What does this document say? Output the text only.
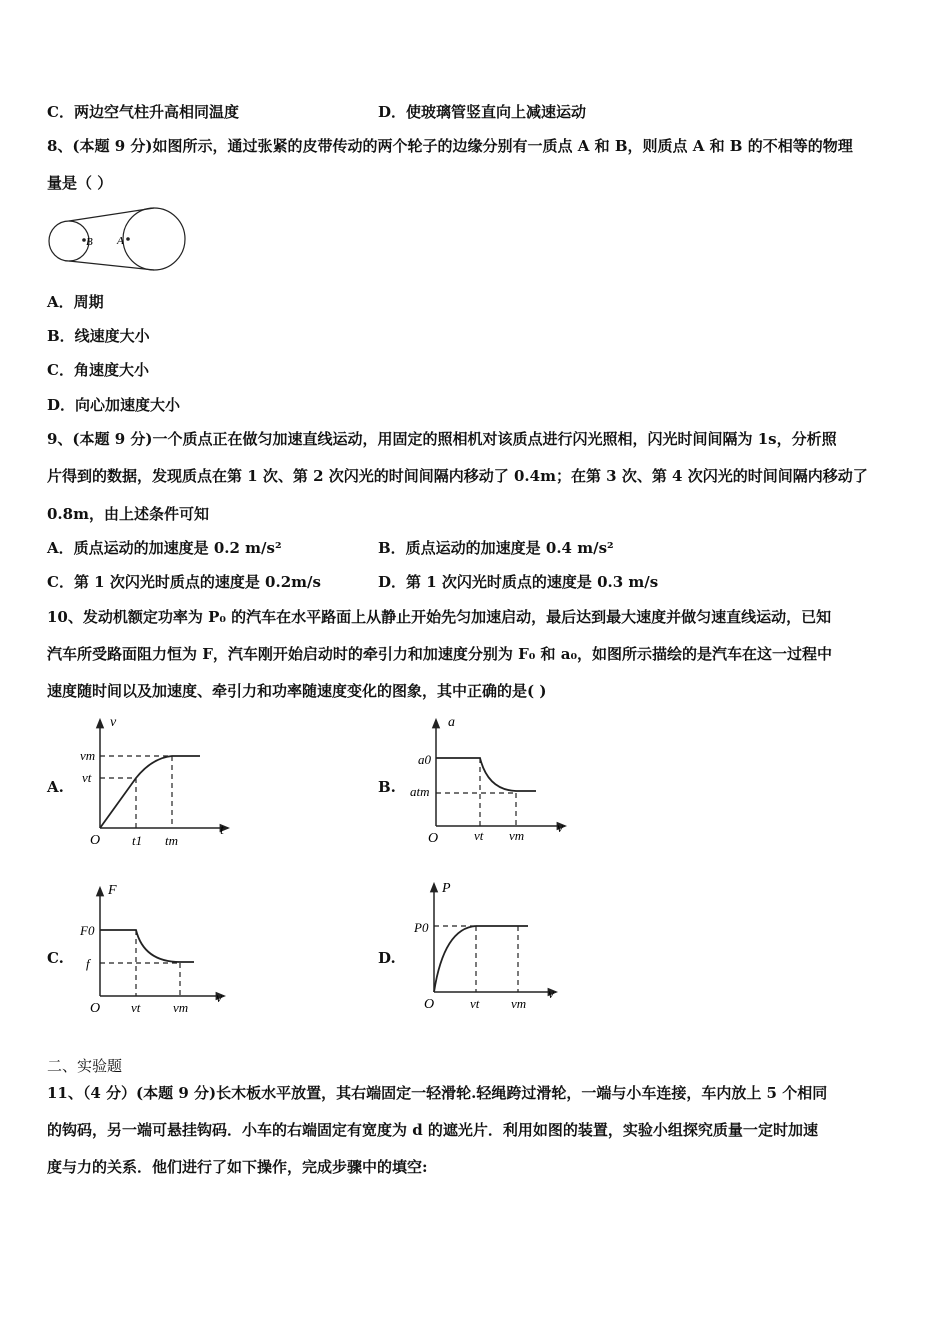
C．两边空气柱升高相同温度	D．使玻璃管竖直向上减速运动
8、(本题 9 分)如图所示，通过张紧的皮带传动的两个轮子的边缘分别有一质点 A 和 B，则质点 A 和 B 的不相等的物理
量是（ ）
B A
A．周期
B．线速度大小
C．角速度大小
D．向心加速度大小
9、(本题 9 分)一个质点正在做匀加速直线运动，用固定的照相机对该质点进行闪光照相，闪光时间间隔为 1s，分析照
片得到的数据，发现质点在第 1 次、第 2 次闪光的时间间隔内移动了 0.4m；在第 3 次、第 4 次闪光的时间间隔内移动了
0.8m，由上述条件可知
A．质点运动的加速度是 0.2 m/s²	B．质点运动的加速度是 0.4 m/s²
C．第 1 次闪光时质点的速度是 0.2m/s	D．第 1 次闪光时质点的速度是 0.3 m/s
10、发动机额定功率为 P₀ 的汽车在水平路面上从静止开始先匀加速启动，最后达到最大速度并做匀速直线运动，已知
汽车所受路面阻力恒为 F，汽车刚开始启动时的牵引力和加速度分别为 F₀ 和 a₀，如图所示描绘的是汽车在这一过程中
速度随时间以及加速度、牵引力和功率随速度变化的图象，其中正确的是( )
A.	B.
C.	D.
v
t
O
vm
vt
t1 tm
a
v
O
a0
atm
vt vm
F
v
O
F0
f
vt	vm
P
v
O
P0
vt vm
二、实验题
11、（4 分）(本题 9 分)长木板水平放置，其右端固定一轻滑轮.轻绳跨过滑轮，一端与小车连接，车内放上 5 个相同
的钩码，另一端可悬挂钩码．小车的右端固定有宽度为 d 的遮光片．利用如图的装置，实验小组探究质量一定时加速
度与力的关系．他们进行了如下操作，完成步骤中的填空:
